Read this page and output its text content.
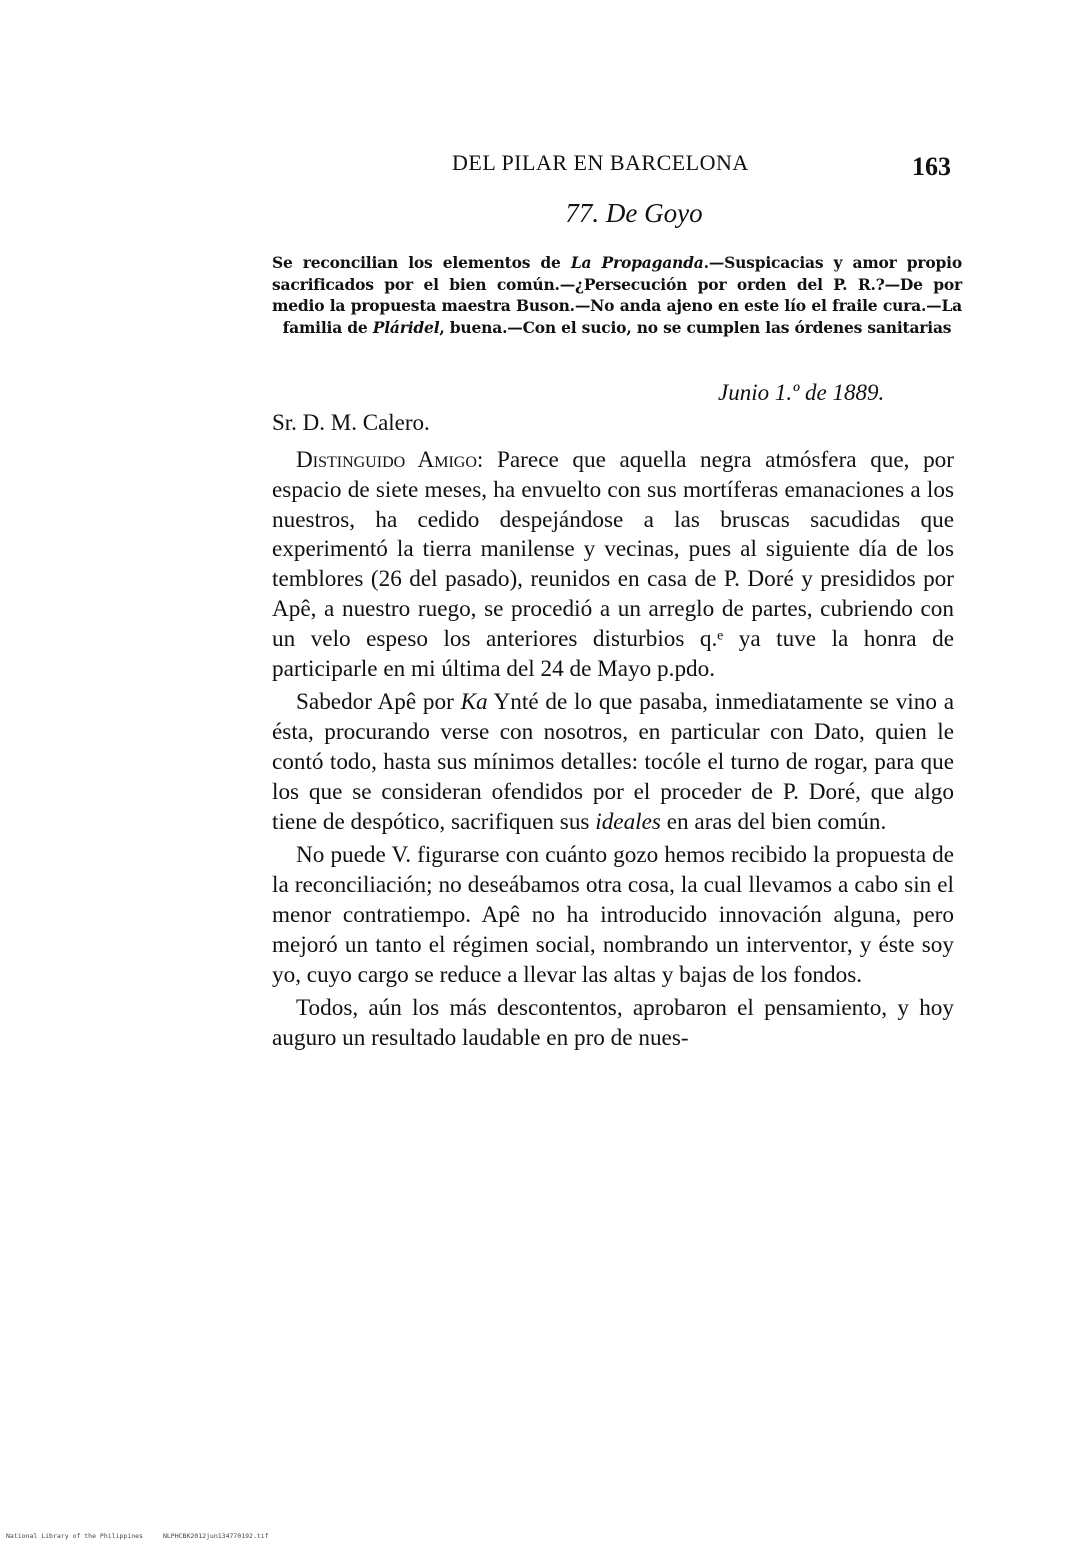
DEL PILAR EN BARCELONA	163
77. De Goyo
Se reconcilian los elementos de La Propaganda.—Suspicacias y amor propio sacrificados por el bien común.—¿Persecución por orden del P. R.?—De por medio la propuesta maestra Buson.—No anda ajeno en este lío el fraile cura.—La familia de Pláridel, buena.—Con el sucio, no se cumplen las órdenes sanitarias
Junio 1.º de 1889.
Sr. D. M. Calero.

Distinguido Amigo: Parece que aquella negra atmósfera que, por espacio de siete meses, ha envuelto con sus mortíferas emanaciones a los nuestros, ha cedido despejándose a las bruscas sacudidas que experimentó la tierra manilense y vecinas, pues al siguiente día de los temblores (26 del pasado), reunidos en casa de P. Doré y presididos por Apê, a nuestro ruego, se procedió a un arreglo de partes, cubriendo con un velo espeso los anteriores disturbios q.ᵉ ya tuve la honra de participarle en mi última del 24 de Mayo p.pdo.

Sabedor Apê por Ka Ynté de lo que pasaba, inmediatamente se vino a ésta, procurando verse con nosotros, en particular con Dato, quien le contó todo, hasta sus mínimos detalles: tocóle el turno de rogar, para que los que se consideran ofendidos por el proceder de P. Doré, que algo tiene de despótico, sacrifiquen sus ideales en aras del bien común.

No puede V. figurarse con cuánto gozo hemos recibido la propuesta de la reconciliación; no deseábamos otra cosa, la cual llevamos a cabo sin el menor contratiempo. Apê no ha introducido innovación alguna, pero mejoró un tanto el régimen social, nombrando un interventor, y éste soy yo, cuyo cargo se reduce a llevar las altas y bajas de los fondos.

Todos, aún los más descontentos, aprobaron el pensamiento, y hoy auguro un resultado laudable en pro de nues-

National Library of the Philippines	NLPHCBK2012jun134770192.tif
